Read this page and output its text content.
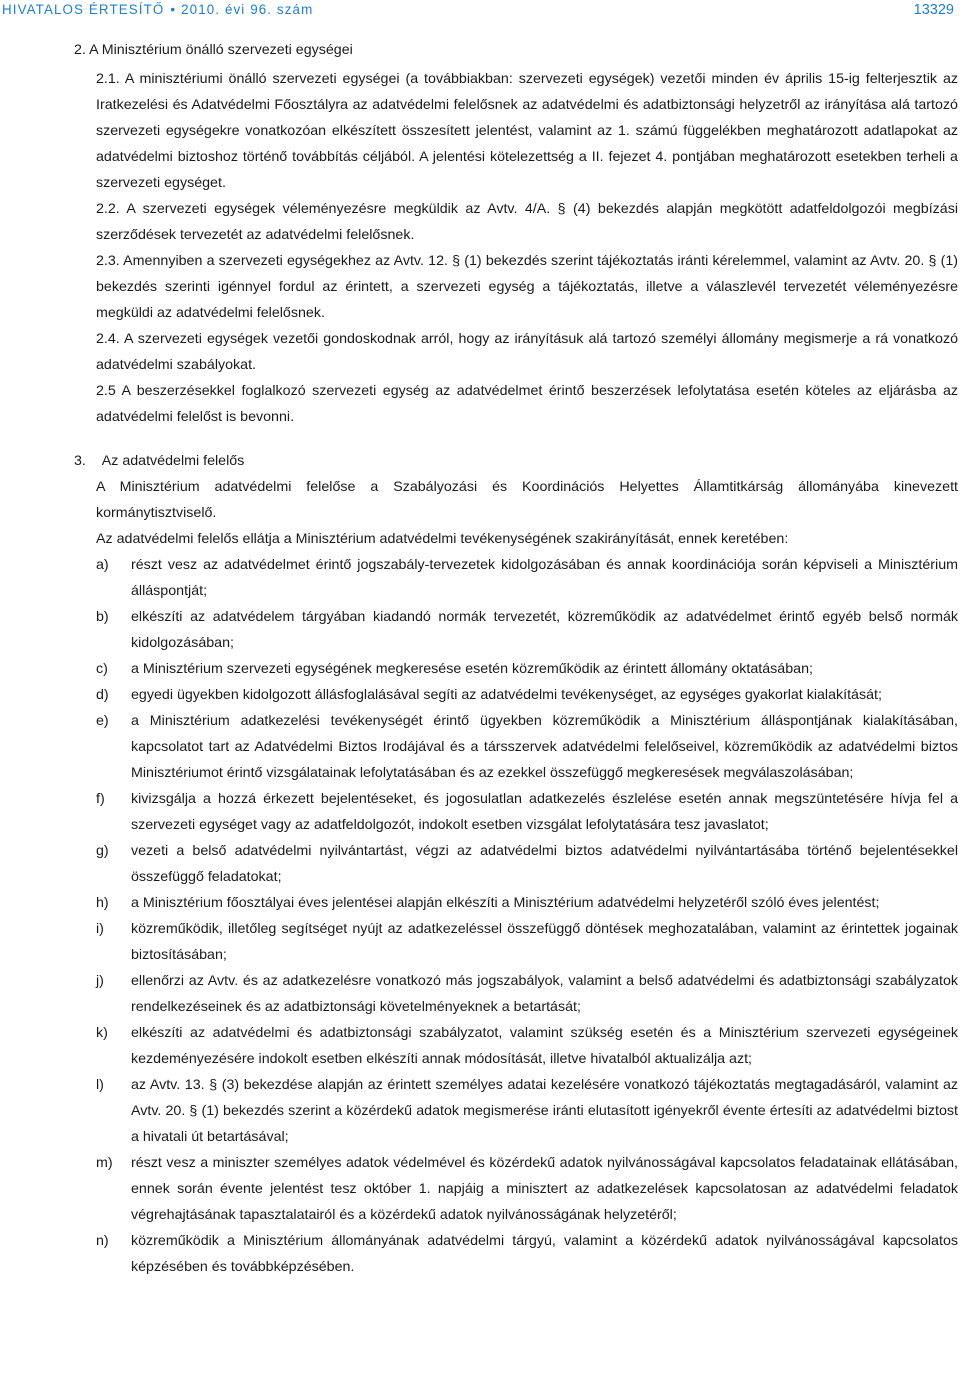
HIVATALOS ÉRTESÍTŐ • 2010. évi 96. szám	13329

2. A Minisztérium önálló szervezeti egységei

2.1. A minisztériumi önálló szervezeti egységei (a továbbiakban: szervezeti egységek) vezetői minden év április 15-ig felterjesztik az Iratkezelési és Adatvédelmi Főosztályra az adatvédelmi felelősnek az adatvédelmi és adatbiztonsági helyzetről az irányítása alá tartozó szervezeti egységekre vonatkozóan elkészített összesített jelentést, valamint az 1. számú függelékben meghatározott adatlapokat az adatvédelmi biztoshoz történő továbbítás céljából. A jelentési kötelezettség a II. fejezet 4. pontjában meghatározott esetekben terheli a szervezeti egységet.

2.2. A szervezeti egységek véleményezésre megküldik az Avtv. 4/A. § (4) bekezdés alapján megkötött adatfeldolgozói megbízási szerződések tervezetét az adatvédelmi felelősnek.

2.3. Amennyiben a szervezeti egységekhez az Avtv. 12. § (1) bekezdés szerint tájékoztatás iránti kérelemmel, valamint az Avtv. 20. § (1) bekezdés szerinti igénnyel fordul az érintett, a szervezeti egység a tájékoztatás, illetve a válaszlevél tervezetét véleményezésre megküldi az adatvédelmi felelősnek.

2.4. A szervezeti egységek vezetői gondoskodnak arról, hogy az irányításuk alá tartozó személyi állomány megismerje a rá vonatkozó adatvédelmi szabályokat.

2.5 A beszerzésekkel foglalkozó szervezeti egység az adatvédelmet érintő beszerzések lefolytatása esetén köteles az eljárásba az adatvédelmi felelőst is bevonni.

3. Az adatvédelmi felelős

A Minisztérium adatvédelmi felelőse a Szabályozási és Koordinációs Helyettes Államtitkárság állományába kinevezett kormánytisztviselő.

Az adatvédelmi felelős ellátja a Minisztérium adatvédelmi tevékenységének szakirányítását, ennek keretében:

a) részt vesz az adatvédelmet érintő jogszabály-tervezetek kidolgozásában és annak koordinációja során képviseli a Minisztérium álláspontját;

b) elkészíti az adatvédelem tárgyában kiadandó normák tervezetét, közreműködik az adatvédelmet érintő egyéb belső normák kidolgozásában;

c) a Minisztérium szervezeti egységének megkeresése esetén közreműködik az érintett állomány oktatásában;

d) egyedi ügyekben kidolgozott állásfoglalásával segíti az adatvédelmi tevékenységet, az egységes gyakorlat kialakítását;

e) a Minisztérium adatkezelési tevékenységét érintő ügyekben közreműködik a Minisztérium álláspontjának kialakításában, kapcsolatot tart az Adatvédelmi Biztos Irodájával és a társszervek adatvédelmi felelőseivel, közreműködik az adatvédelmi biztos Minisztériumot érintő vizsgálatainak lefolytatásában és az ezekkel összefüggő megkeresések megválaszolásában;

f) kivizsgálja a hozzá érkezett bejelentéseket, és jogosulatlan adatkezelés észlelése esetén annak megszüntetésére hívja fel a szervezeti egységet vagy az adatfeldolgozót, indokolt esetben vizsgálat lefolytatására tesz javaslatot;

g) vezeti a belső adatvédelmi nyilvántartást, végzi az adatvédelmi biztos adatvédelmi nyilvántartásába történő bejelentésekkel összefüggő feladatokat;

h) a Minisztérium főosztályai éves jelentései alapján elkészíti a Minisztérium adatvédelmi helyzetéről szóló éves jelentést;

i) közreműködik, illetőleg segítséget nyújt az adatkezeléssel összefüggő döntések meghozatalában, valamint az érintettek jogainak biztosításában;

j) ellenőrzi az Avtv. és az adatkezelésre vonatkozó más jogszabályok, valamint a belső adatvédelmi és adatbiztonsági szabályzatok rendelkezéseinek és az adatbiztonsági követelményeknek a betartását;

k) elkészíti az adatvédelmi és adatbiztonsági szabályzatot, valamint szükség esetén és a Minisztérium szervezeti egységeinek kezdeményezésére indokolt esetben elkészíti annak módosítását, illetve hivatalból aktualizálja azt;

l) az Avtv. 13. § (3) bekezdése alapján az érintett személyes adatai kezelésére vonatkozó tájékoztatás megtagadásáról, valamint az Avtv. 20. § (1) bekezdés szerint a közérdekű adatok megismerése iránti elutasított igényekről évente értesíti az adatvédelmi biztost a hivatali út betartásával;

m) részt vesz a miniszter személyes adatok védelmével és közérdekű adatok nyilvánosságával kapcsolatos feladatainak ellátásában, ennek során évente jelentést tesz október 1. napjáig a minisztert az adatkezelések kapcsolatosan az adatvédelmi feladatok végrehajtásának tapasztalatairól és a közérdekű adatok nyilvánosságának helyzetéről;

n) közreműködik a Minisztérium állományának adatvédelmi tárgyú, valamint a közérdekű adatok nyilvánosságával kapcsolatos képzésében és továbbképzésében.
